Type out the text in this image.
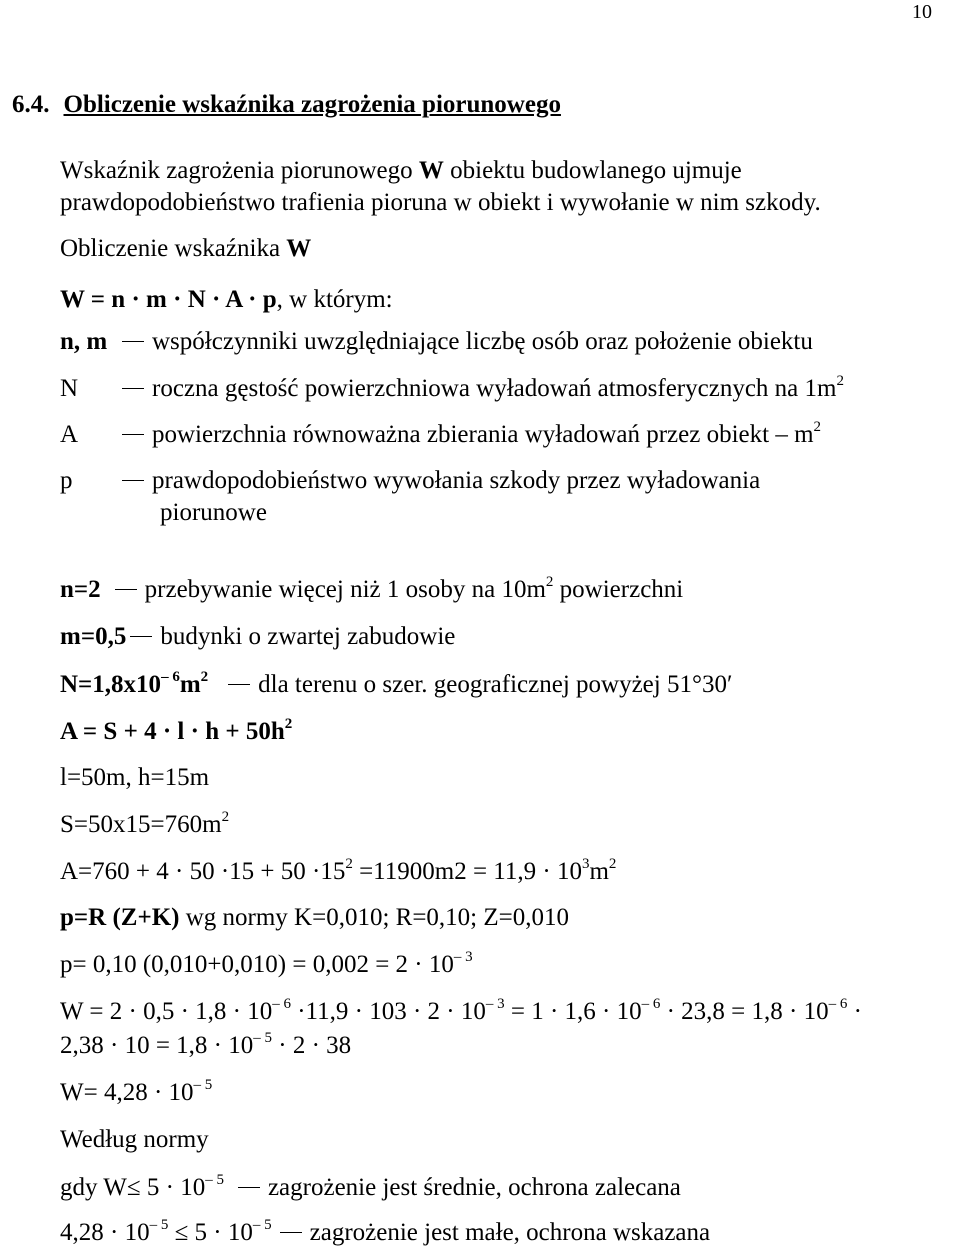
10
6.4. Obliczenie wskaźnika zagrożenia piorunowego
Wskaźnik zagrożenia piorunowego W obiektu budowlanego ujmuje
prawdopodobieństwo trafienia pioruna w obiekt i wywołanie w nim szkody.
Obliczenie wskaźnika W
W = n · m · N · A · p, w którym:
n, m	współczynniki uwzględniające liczbę osób oraz położenie obiektu
N	roczna gęstość powierzchniowa wyładowań atmosferycznych na $1m^2$
A	powierzchnia równoważna zbierania wyładowań przez obiekt – $m^2$
p	prawdopodobieństwo wywołania szkody przez wyładowania
piorunowe
n=2 przebywanie więcej niż 1 osoby na $10m^2$ powierzchni
m=0,5 budynki o zwartej zabudowie
$N=1,8x10^{- 6}m^2$ dla terenu o szer. geograficznej powyżej 51°30′
$A = S + 4 \cdot l \cdot h + 50h^2$
l=50m, h=15m
$S=50x15=760m^2$
$A=760 + 4 \cdot 50 \cdot 15 + 50 \cdot 15^2 =11900m2 = 11,9 \cdot 10^3m^2$
p=R (Z+K) wg normy K=0,010; R=0,10; Z=0,010
p= 0,10 $(0,010+0,010) = 0,002 = 2 \cdot 10^{- 3}$
$W = 2 \cdot 0,5 \cdot 1,8 \cdot 10^{- 6} \cdot 11,9 \cdot 103 \cdot 2 \cdot 10^{- 3} = 1 \cdot 1,6 \cdot 10^{- 6} \cdot 23,8 = 1,8 \cdot 10^{- 6}$ ·
$2,38 \cdot 10 = 1,8 \cdot 10^{- 5} \cdot 2 \cdot 38$
$W= 4,28 \cdot 10^{- 5}$
Według normy
gdy $W\le 5 \cdot 10^{- 5}$ zagrożenie jest średnie, ochrona zalecana
$4,28 \cdot 10^{- 5} \le 5 \cdot 10^{- 5}$ zagrożenie jest małe, ochrona wskazana
